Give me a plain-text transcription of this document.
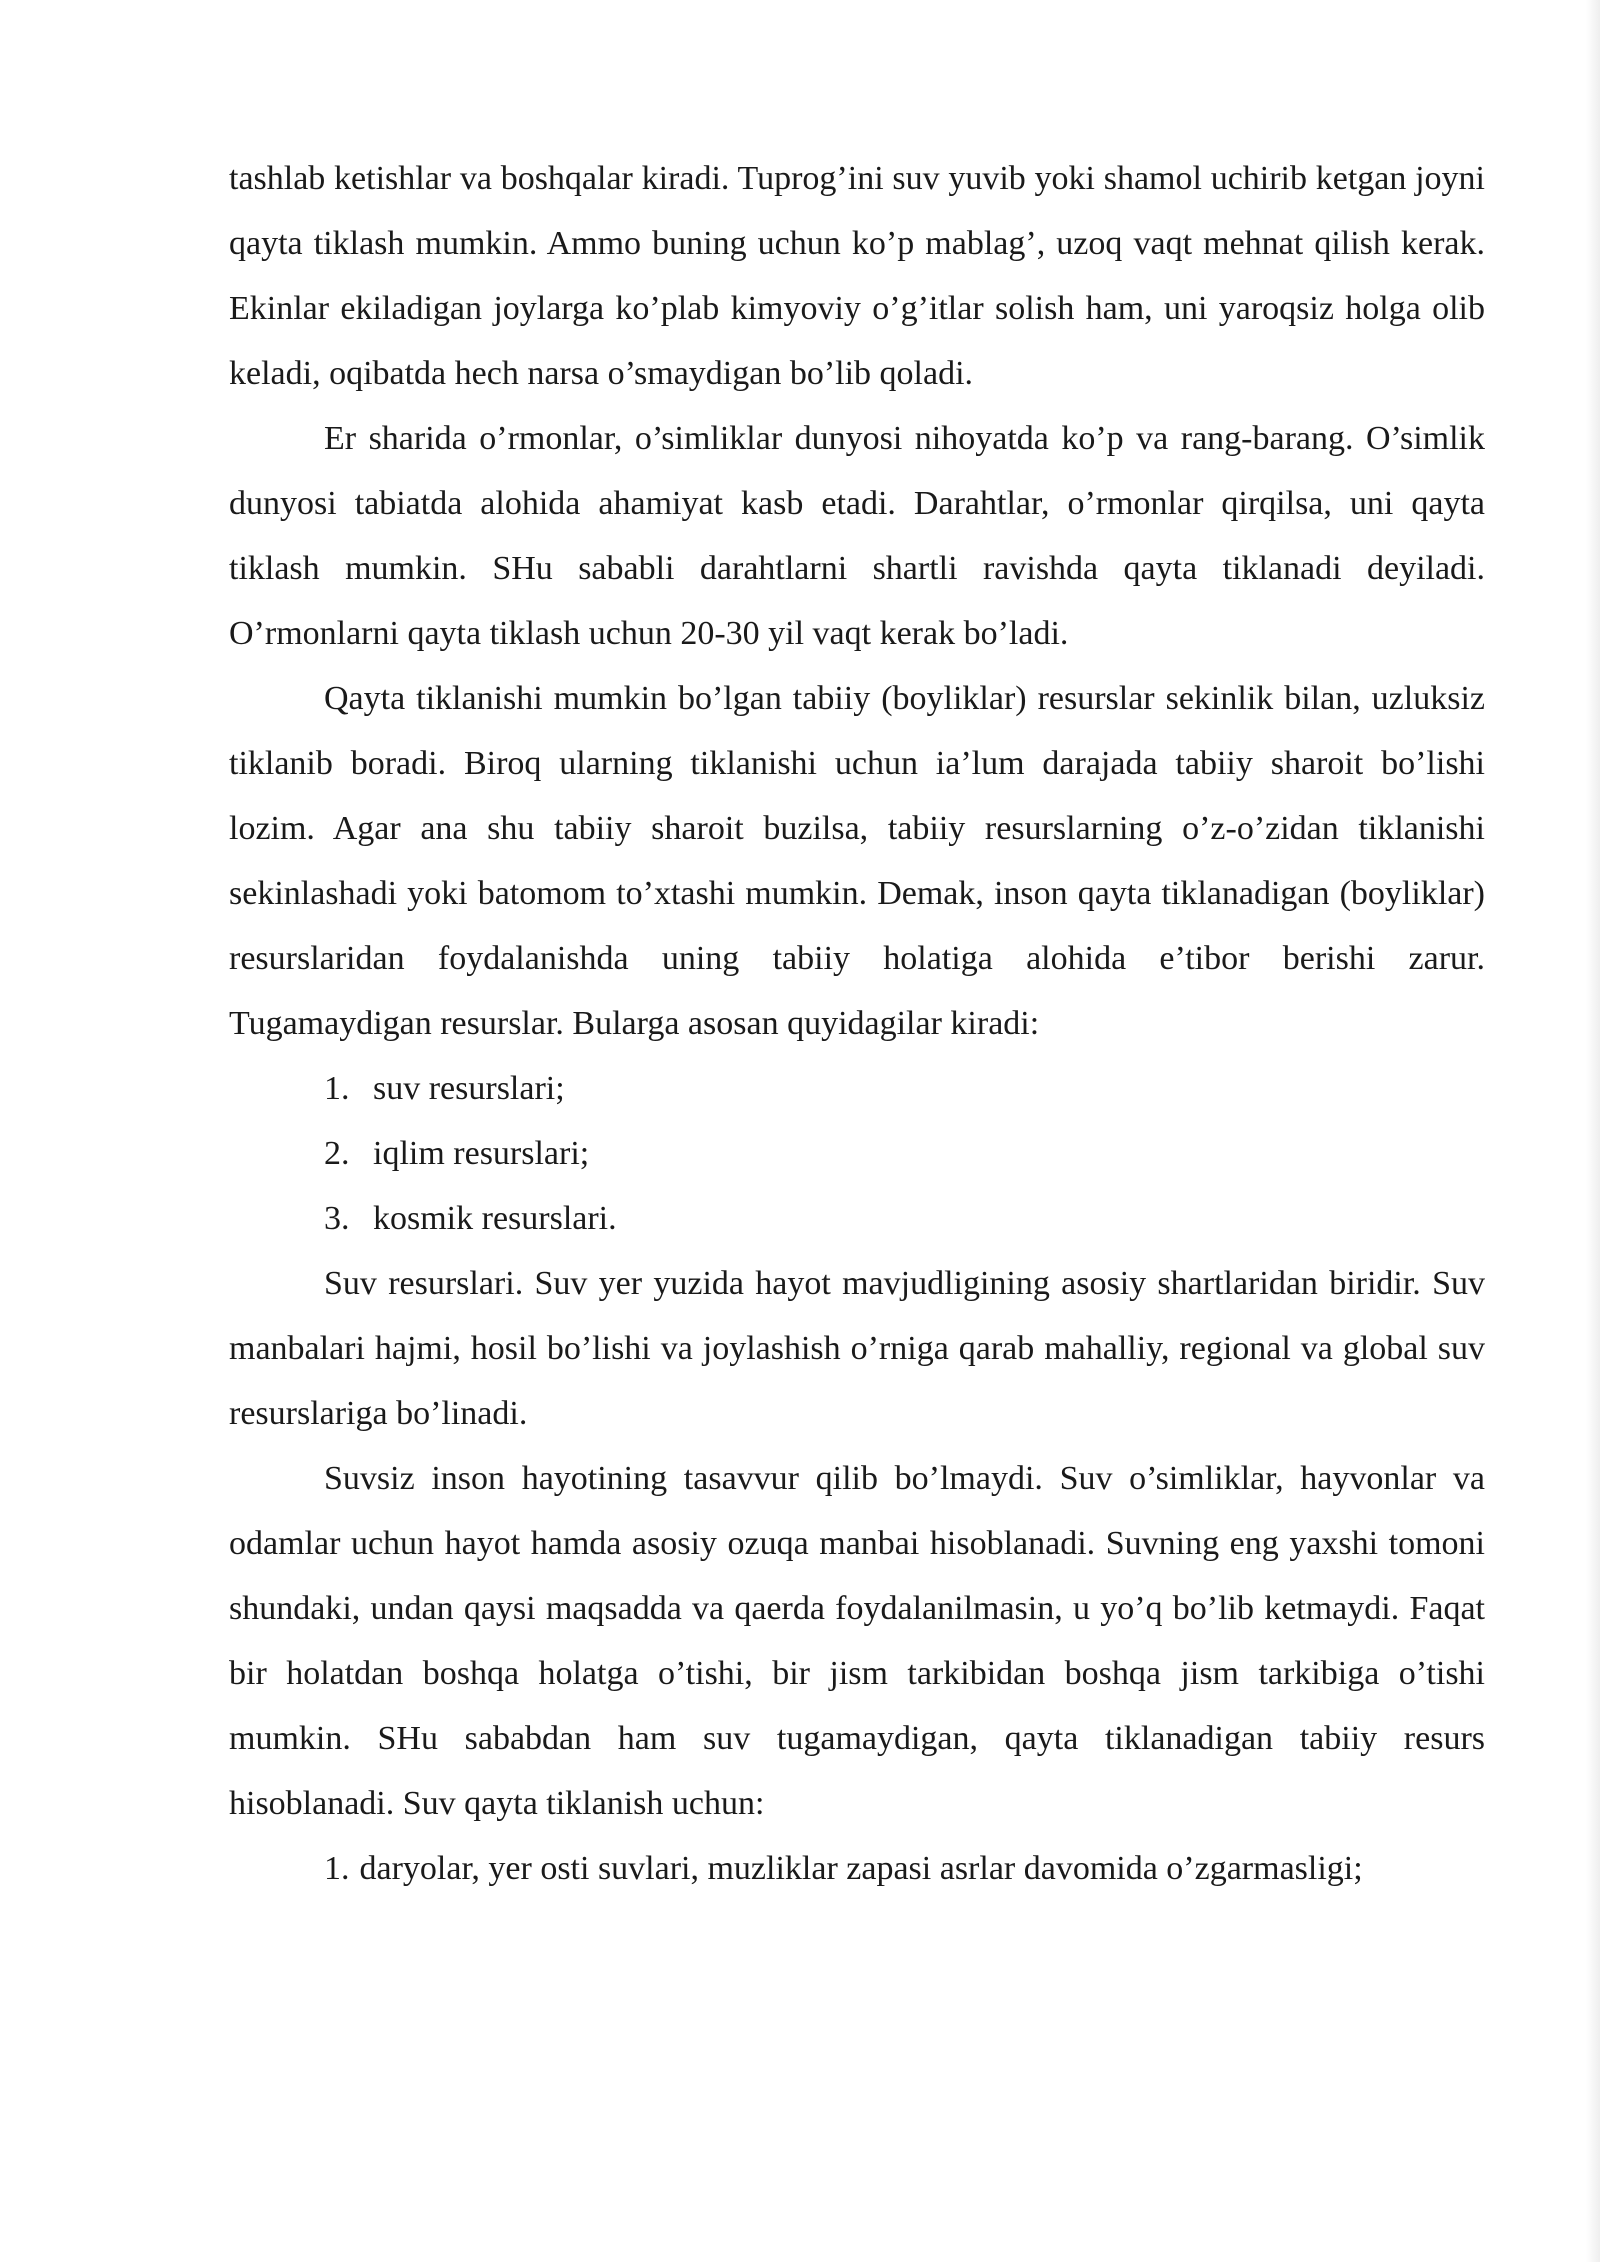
tashlab ketishlar va boshqalar kiradi. Tuprog’ini suv yuvib yoki shamol uchirib ketgan joyni qayta tiklash mumkin. Ammo buning uchun ko’p mablag’, uzoq vaqt mehnat qilish kerak. Ekinlar ekiladigan joylarga ko’plab kimyoviy o’g’itlar solish ham, uni yaroqsiz holga olib keladi, oqibatda hech narsa o’smaydigan bo’lib qoladi.

Er sharida o’rmonlar, o’simliklar dunyosi nihoyatda ko’p va rang-barang. O’simlik dunyosi tabiatda alohida ahamiyat kasb etadi. Darahtlar, o’rmonlar qirqilsa, uni qayta tiklash mumkin. SHu sababli darahtlarni shartli ravishda qayta tiklanadi deyiladi. O’rmonlarni qayta tiklash uchun 20-30 yil vaqt kerak bo’ladi.

Qayta tiklanishi mumkin bo’lgan tabiiy (boyliklar) resurslar sekinlik bilan, uzluksiz tiklanib boradi. Biroq ularning tiklanishi uchun ia’lum darajada tabiiy sharoit bo’lishi lozim. Agar ana shu tabiiy sharoit buzilsa, tabiiy resurslarning o’z-o’zidan tiklanishi sekinlashadi yoki batomom to’xtashi mumkin. Demak, inson qayta tiklanadigan (boyliklar) resurslaridan foydalanishda uning tabiiy holatiga alohida e’tibor berishi zarur. Tugamaydigan resurslar. Bularga asosan quyidagilar kiradi:

1. suv resurslari;

2. iqlim resurslari;

3. kosmik resurslari.

Suv resurslari. Suv yer yuzida hayot mavjudligining asosiy shartlaridan biridir. Suv manbalari hajmi, hosil bo’lishi va joylashish o’rniga qarab mahalliy, regional va global suv resurslariga bo’linadi.

Suvsiz inson hayotining tasavvur qilib bo’lmaydi. Suv o’simliklar, hayvonlar va odamlar uchun hayot hamda asosiy ozuqa manbai hisoblanadi. Suvning eng yaxshi tomoni shundaki, undan qaysi maqsadda va qaerda foydalanilmasin, u yo’q bo’lib ketmaydi. Faqat bir holatdan boshqa holatga o’tishi, bir jism tarkibidan boshqa jism tarkibiga o’tishi mumkin. SHu sababdan ham suv tugamaydigan, qayta tiklanadigan tabiiy resurs hisoblanadi. Suv qayta tiklanish uchun:

1. daryolar, yer osti suvlari, muzliklar zapasi asrlar davomida o’zgarmasligi;
